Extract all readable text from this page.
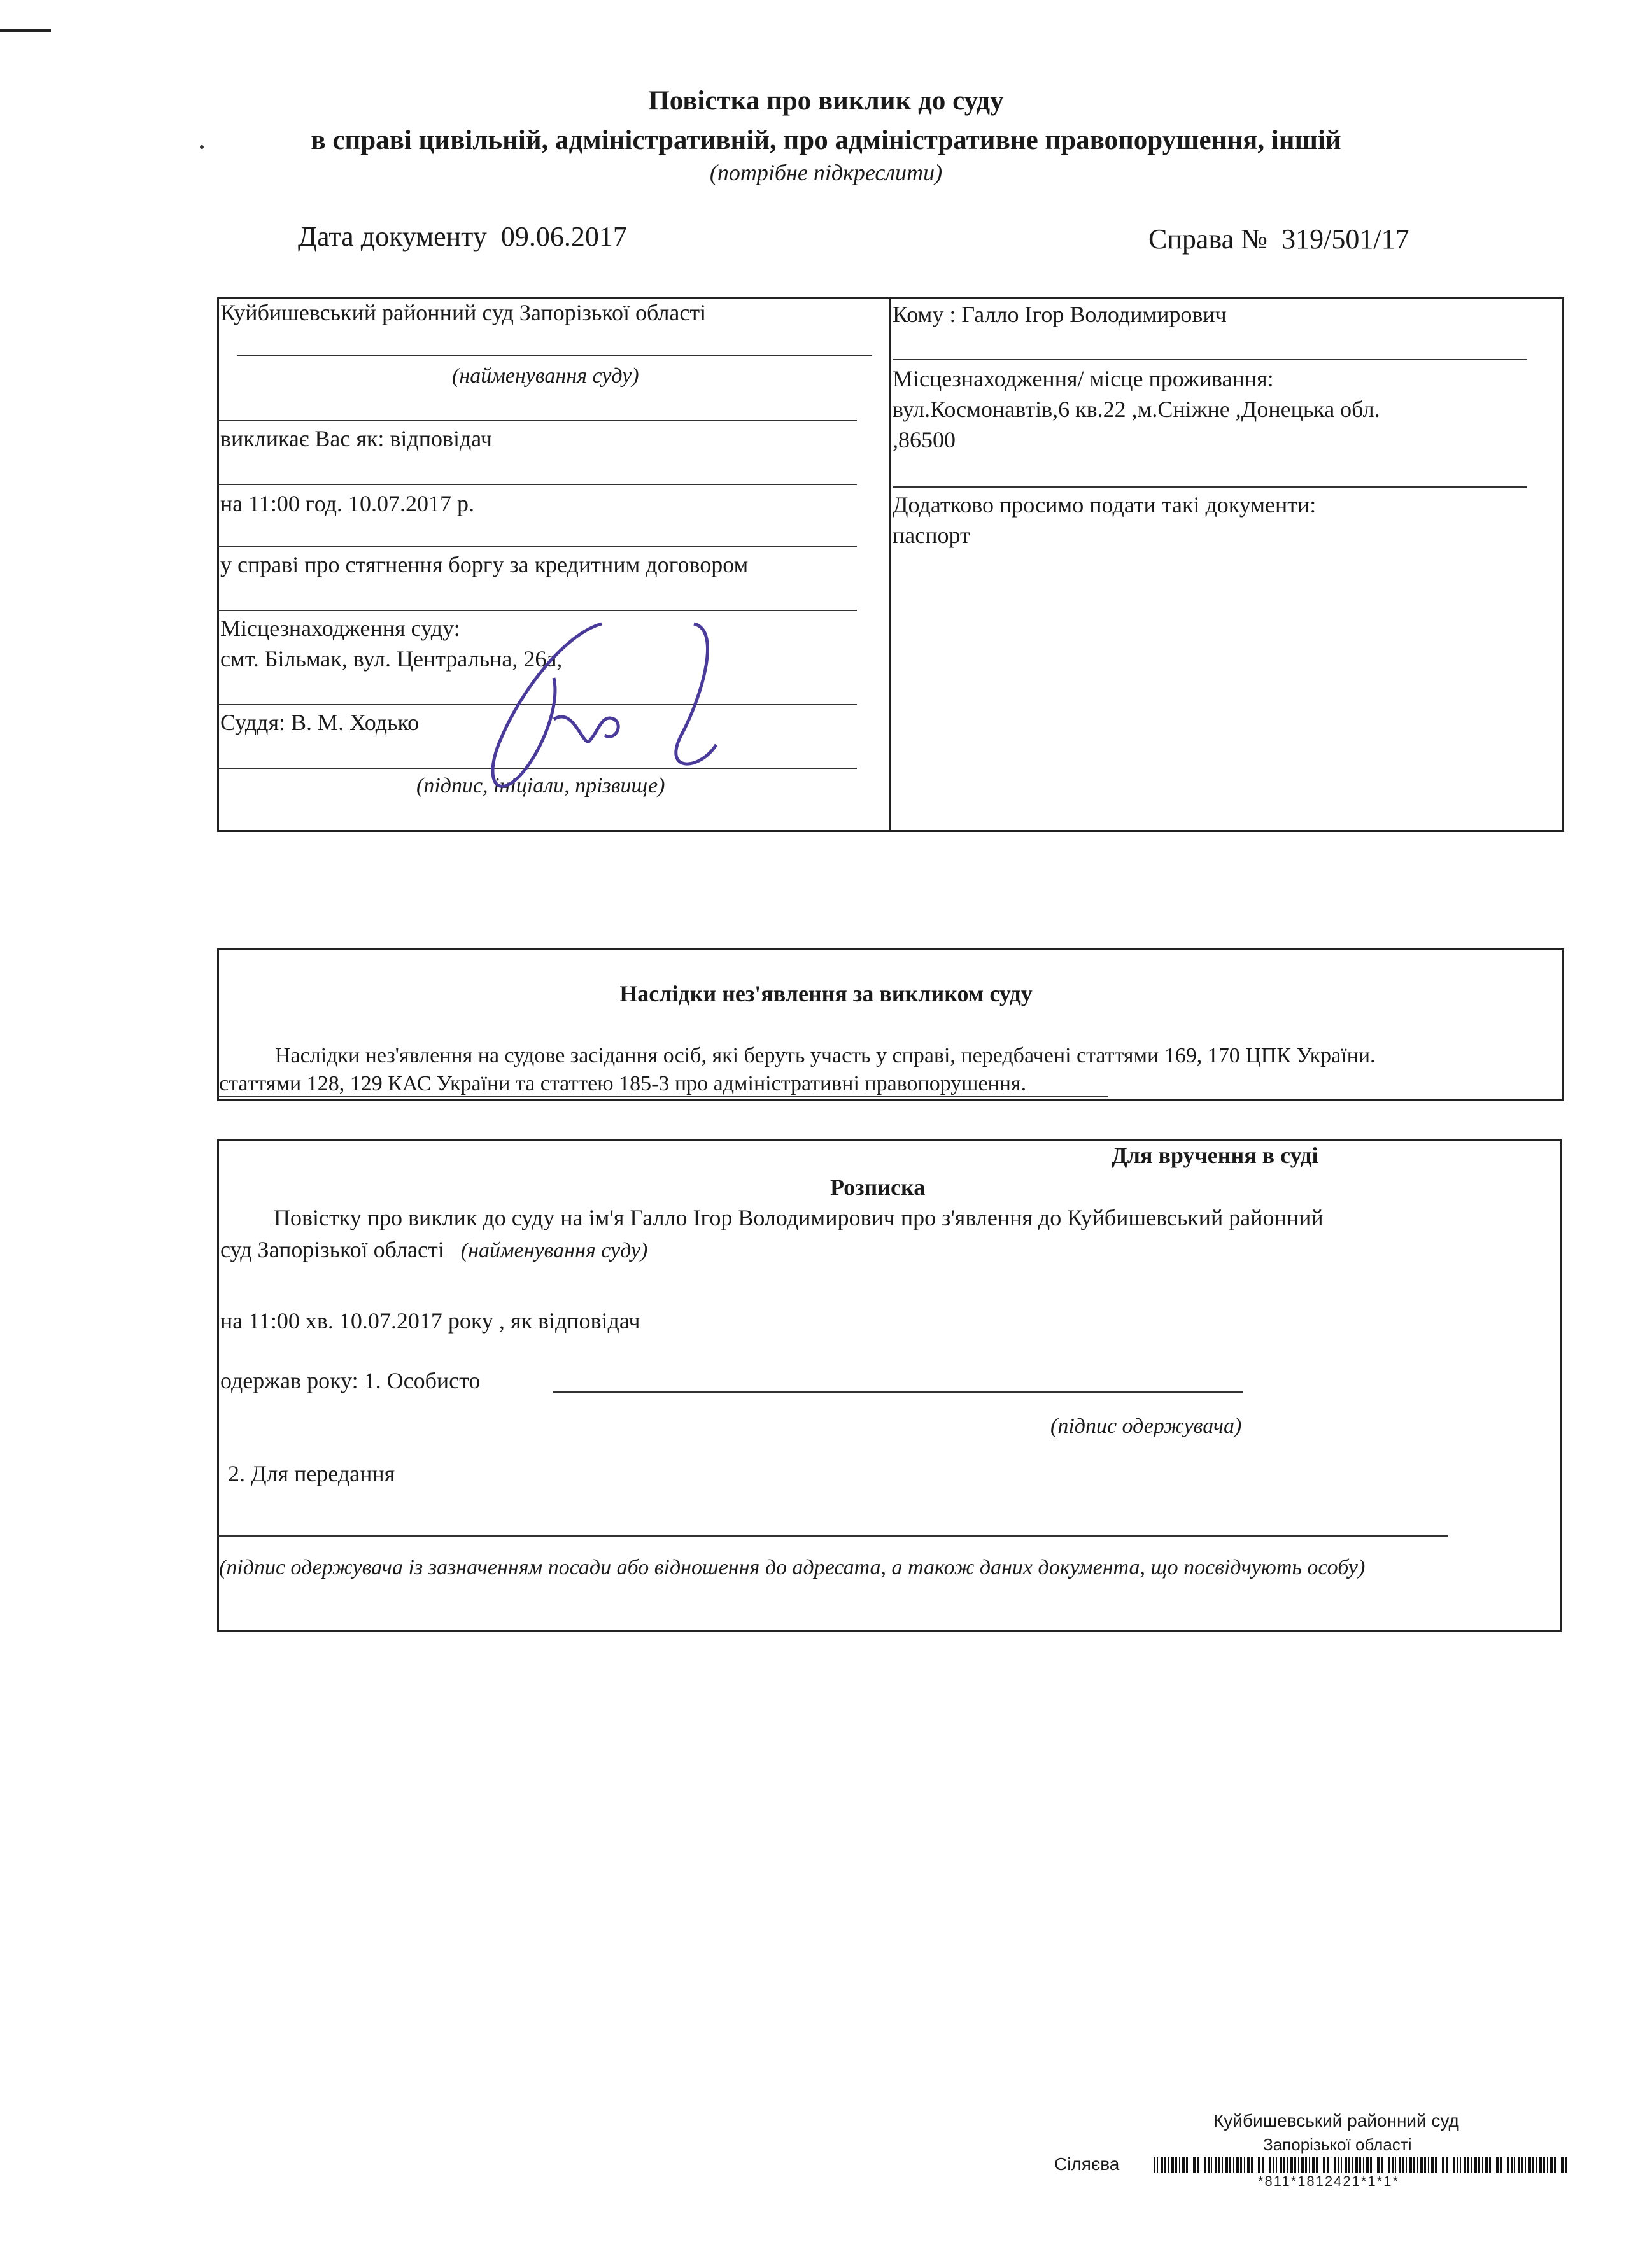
Повістка про виклик до суду
в справі цивільній, адміністративній, про адміністративне правопорушення, іншій
(потрібне підкреслити)
Дата документу 09.06.2017	Справа № 319/501/17
Куйбишевський районний суд Запорізької області
(найменування суду)
викликає Вас як: відповідач
на 11:00 год. 10.07.2017 р.
у справі про стягнення боргу за кредитним договором
Місцезнаходження суду:
смт. Більмак, вул. Центральна, 26а,
Суддя: В. М. Ходько
(підпис, ініціали, прізвище)
Кому : Галло Ігор Володимирович
Місцезнаходження/ місце проживання:
вул.Космонавтів,6 кв.22 ,м.Сніжне ,Донецька обл.
,86500
Додатково просимо подати такі документи:
паспорт
Наслідки нез'явлення за викликом суду
Наслідки нез'явлення на судове засідання осіб, які беруть участь у справі, передбачені статтями 169, 170 ЦПК України.
статтями 128, 129 КАС України та статтею 185-3 про адміністративні правопорушення.
Для вручення в суді
Розписка
Повістку про виклик до суду на ім'я Галло Ігор Володимирович про з'явлення до Куйбишевський районний
суд Запорізької області (найменування суду)
на 11:00 хв. 10.07.2017 року , як відповідач
одержав року: 1. Особисто
(підпис одержувача)
2. Для передання
(підпис одержувача із зазначенням посади або відношення до адресата, а також даних документа, що посвідчують особу)
Куйбишевський районний суд
Запорізької області
Сіляєва
*811*1812421*1*1*
